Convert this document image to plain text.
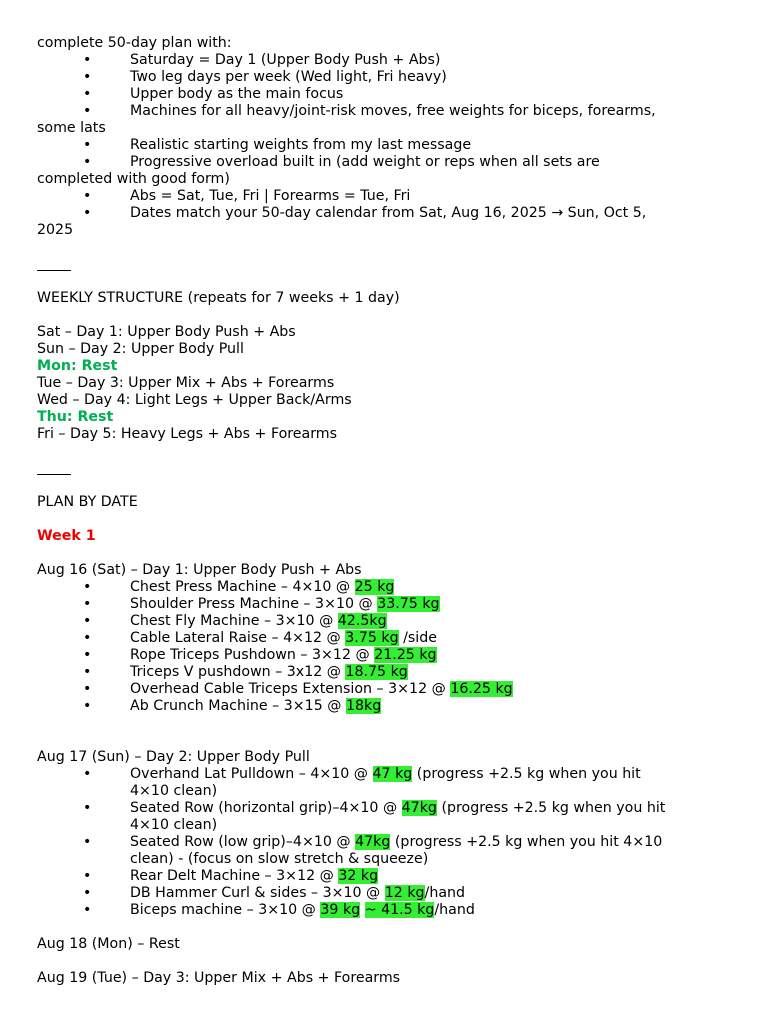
complete 50-day plan with:
•	Saturday = Day 1 (Upper Body Push + Abs)
•	Two leg days per week (Wed light, Fri heavy)
•	Upper body as the main focus
•	Machines for all heavy/joint-risk moves, free weights for biceps, forearms,
some lats
•	Realistic starting weights from my last message
•	Progressive overload built in (add weight or reps when all sets are
completed with good form)
•	Abs = Sat, Tue, Fri | Forearms = Tue, Fri
•	Dates match your 50-day calendar from Sat, Aug 16, 2025 → Sun, Oct 5,
2025
WEEKLY STRUCTURE (repeats for 7 weeks + 1 day)
Sat – Day 1: Upper Body Push + Abs
Sun – Day 2: Upper Body Pull
Mon: Rest
Tue – Day 3: Upper Mix + Abs + Forearms
Wed – Day 4: Light Legs + Upper Back/Arms
Thu: Rest
Fri – Day 5: Heavy Legs + Abs + Forearms
PLAN BY DATE
Week 1
Aug 16 (Sat) – Day 1: Upper Body Push + Abs
•	Chest Press Machine – 4×10 @ 25 kg
•	Shoulder Press Machine – 3×10 @ 33.75 kg
•	Chest Fly Machine – 3×10 @ 42.5kg
•	Cable Lateral Raise – 4×12 @ 3.75 kg /side
•	Rope Triceps Pushdown – 3×12 @ 21.25 kg
•	Triceps V pushdown – 3x12 @ 18.75 kg
•	Overhead Cable Triceps Extension – 3×12 @ 16.25 kg
•	Ab Crunch Machine – 3×15 @ 18kg
Aug 17 (Sun) – Day 2: Upper Body Pull
•	Overhand Lat Pulldown – 4×10 @ 47 kg (progress +2.5 kg when you hit
4×10 clean)
•	Seated Row (horizontal grip)–4×10 @ 47kg (progress +2.5 kg when you hit
4×10 clean)
•	Seated Row (low grip)–4×10 @ 47kg (progress +2.5 kg when you hit 4×10
clean) - (focus on slow stretch & squeeze)
•	Rear Delt Machine – 3×12 @ 32 kg
•	DB Hammer Curl & sides – 3×10 @ 12 kg/hand
•	Biceps machine – 3×10 @ 39 kg ~ 41.5 kg/hand
Aug 18 (Mon) – Rest
Aug 19 (Tue) – Day 3: Upper Mix + Abs + Forearms
